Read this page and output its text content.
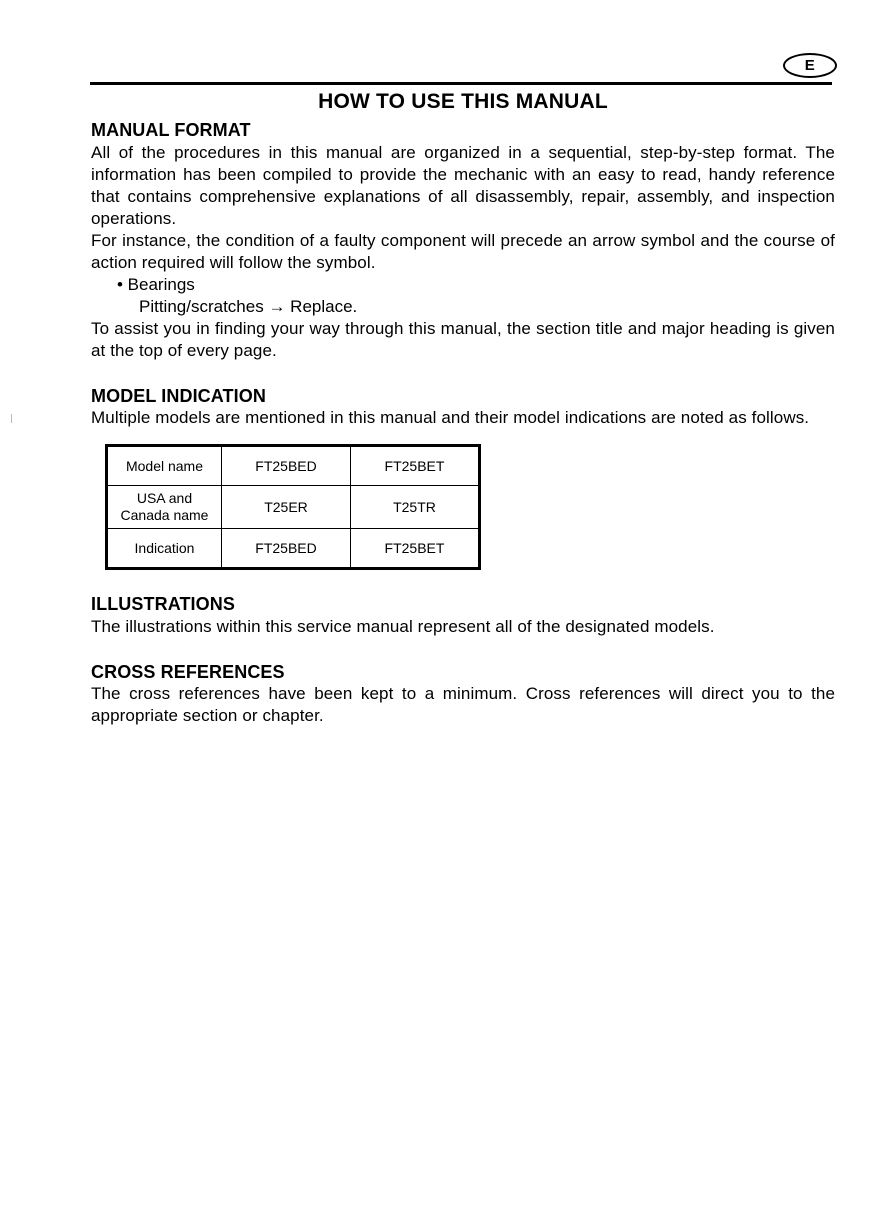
E
HOW TO USE THIS MANUAL
MANUAL FORMAT

All of the procedures in this manual are organized in a sequential, step-by-step format. The information has been compiled to provide the mechanic with an easy to read, handy reference that contains comprehensive explanations of all disassembly, repair, assembly, and inspection operations.

For instance, the condition of a faulty component will precede an arrow symbol and the course of action required will follow the symbol.

• Bearings
Pitting/scratches → Replace.

To assist you in finding your way through this manual, the section title and major heading is given at the top of every page.

MODEL INDICATION

Multiple models are mentioned in this manual and their model indications are noted as follows.

Model name	FT25BED	FT25BET

USA and
Canada name	T25ER	T25TR
Indication	FT25BED	FT25BET
ILLUSTRATIONS

The illustrations within this service manual represent all of the designated models.

CROSS REFERENCES

The cross references have been kept to a minimum. Cross references will direct you to the appropriate section or chapter.
